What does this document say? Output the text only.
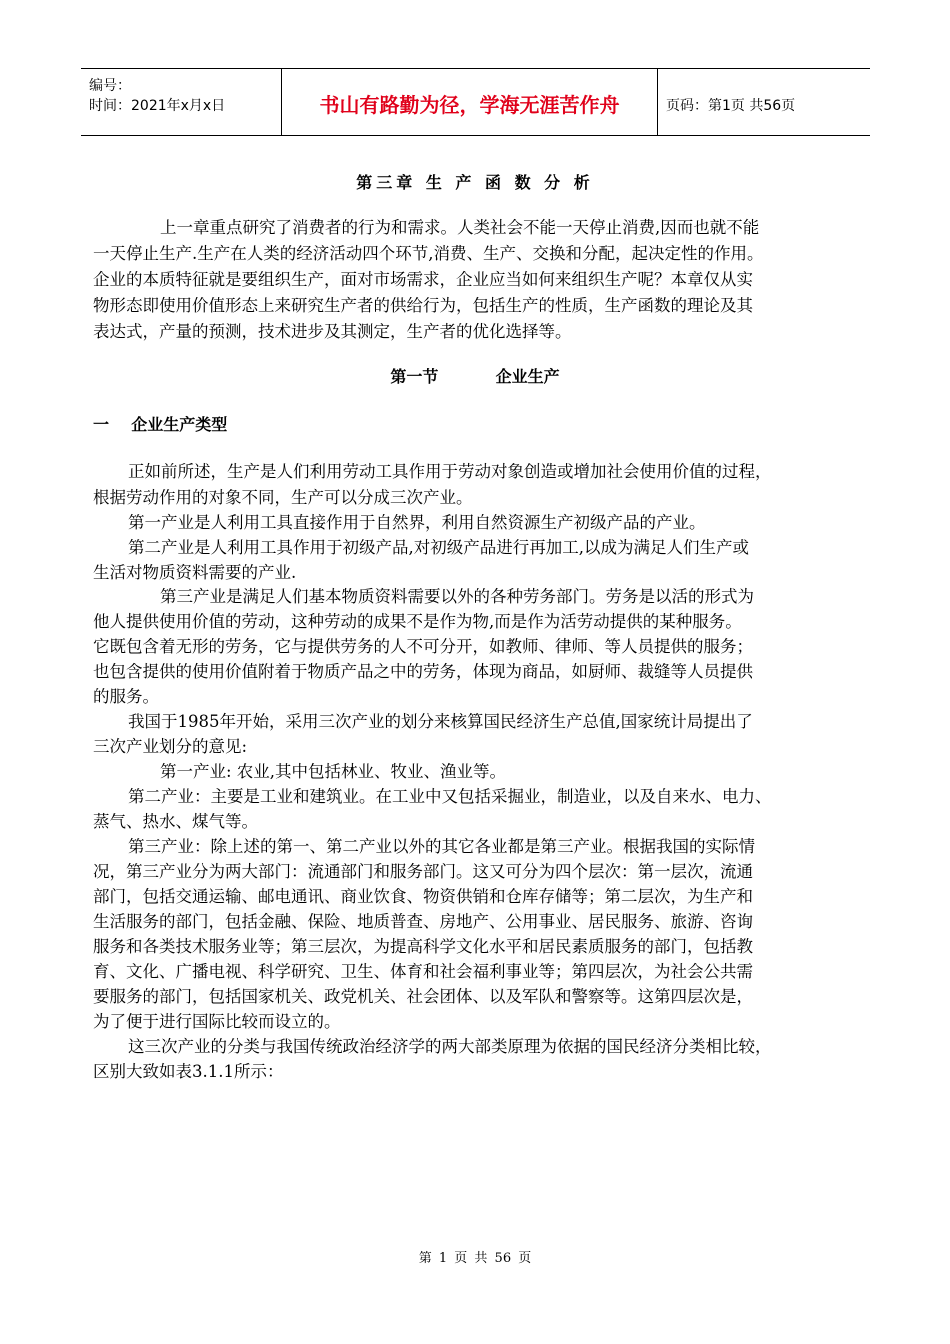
编号：
时间：2021年x月x日	书山有路勤为径，学海无涯苦作舟	页码：第1页 共56页
第三章 生 产 函 数 分 析
上一章重点研究了消费者的行为和需求。人类社会不能一天停止消费,因而也就不能
一天停止生产.生产在人类的经济活动四个环节,消费、生产、交换和分配，起决定性的作用。
企业的本质特征就是要组织生产，面对市场需求，企业应当如何来组织生产呢？本章仅从实
物形态即使用价值形态上来研究生产者的供给行为，包括生产的性质，生产函数的理论及其
表达式，产量的预测，技术进步及其测定，生产者的优化选择等。
第一节	企业生产
一    企业生产类型
正如前所述，生产是人们利用劳动工具作用于劳动对象创造或增加社会使用价值的过程，
根据劳动作用的对象不同，生产可以分成三次产业。
第一产业是人利用工具直接作用于自然界，利用自然资源生产初级产品的产业。
第二产业是人利用工具作用于初级产品,对初级产品进行再加工,以成为满足人们生产或
生活对物质资料需要的产业.
第三产业是满足人们基本物质资料需要以外的各种劳务部门。劳务是以活的形式为
他人提供使用价值的劳动，这种劳动的成果不是作为物,而是作为活劳动提供的某种服务。
它既包含着无形的劳务，它与提供劳务的人不可分开，如教师、律师、等人员提供的服务；
也包含提供的使用价值附着于物质产品之中的劳务，体现为商品，如厨师、裁缝等人员提供
的服务。
我国于1985年开始，采用三次产业的划分来核算国民经济生产总值,国家统计局提出了
三次产业划分的意见:
第一产业: 农业,其中包括林业、牧业、渔业等。
第二产业：主要是工业和建筑业。在工业中又包括采掘业，制造业，以及自来水、电力、
蒸气、热水、煤气等。
第三产业：除上述的第一、第二产业以外的其它各业都是第三产业。根据我国的实际情
况，第三产业分为两大部门：流通部门和服务部门。这又可分为四个层次：第一层次，流通
部门，包括交通运输、邮电通讯、商业饮食、物资供销和仓库存储等；第二层次，为生产和
生活服务的部门，包括金融、保险、地质普查、房地产、公用事业、居民服务、旅游、咨询
服务和各类技术服务业等；第三层次，为提高科学文化水平和居民素质服务的部门，包括教
育、文化、广播电视、科学研究、卫生、体育和社会福利事业等；第四层次，为社会公共需
要服务的部门，包括国家机关、政党机关、社会团体、以及军队和警察等。这第四层次是，
为了便于进行国际比较而设立的。
这三次产业的分类与我国传统政治经济学的两大部类原理为依据的国民经济分类相比较，
区别大致如表3.1.1所示：
第 1 页 共 56 页
